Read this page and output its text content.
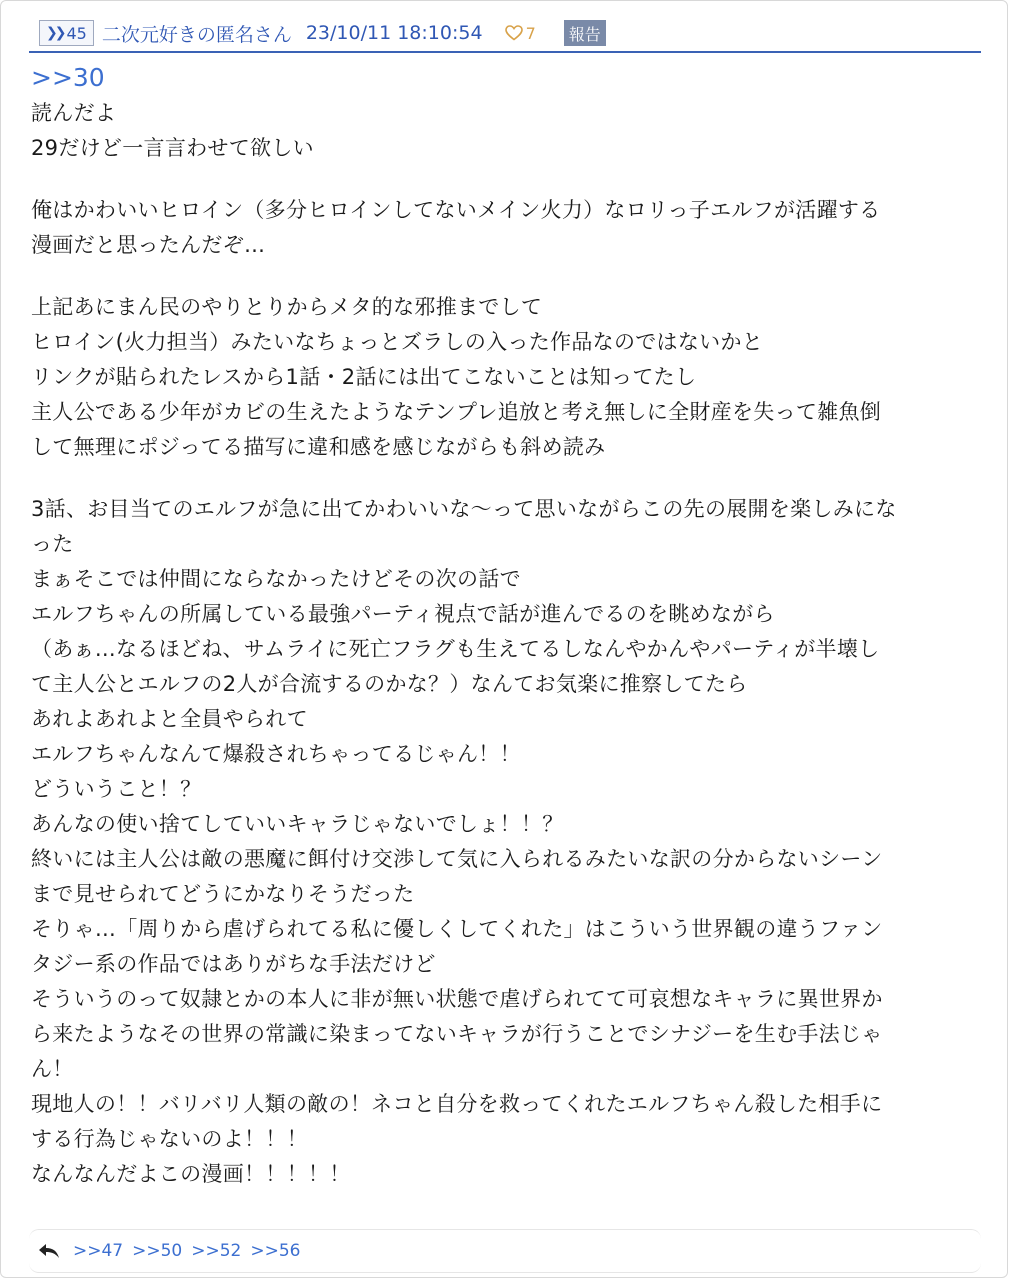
❯❯ 45 二次元好きの匿名さん 23/10/11 18:10:54	7	報告
>>30
読んだよ
29だけど一言言わせて欲しい
俺はかわいいヒロイン（多分ヒロインしてないメイン火力）なロリっ子エルフが活躍する
漫画だと思ったんだぞ…
上記あにまん民のやりとりからメタ的な邪推までして
ヒロイン(火力担当）みたいなちょっとズラしの入った作品なのではないかと
リンクが貼られたレスから1話・2話には出てこないことは知ってたし
主人公である少年がカビの生えたようなテンプレ追放と考え無しに全財産を失って雑魚倒
して無理にポジってる描写に違和感を感じながらも斜め読み
3話、お目当てのエルフが急に出てかわいいな〜って思いながらこの先の展開を楽しみにな
った
まぁそこでは仲間にならなかったけどその次の話で
エルフちゃんの所属している最強パーティ視点で話が進んでるのを眺めながら
（あぁ…なるほどね、サムライに死亡フラグも生えてるしなんやかんやパーティが半壊し
て主人公とエルフの2人が合流するのかな？）なんてお気楽に推察してたら
あれよあれよと全員やられて
エルフちゃんなんて爆殺されちゃってるじゃん！！
どういうこと！？
あんなの使い捨てしていいキャラじゃないでしょ！！？
終いには主人公は敵の悪魔に餌付け交渉して気に入られるみたいな訳の分からないシーン
まで見せられてどうにかなりそうだった
そりゃ…「周りから虐げられてる私に優しくしてくれた」はこういう世界観の違うファン
タジー系の作品ではありがちな手法だけど
そういうのって奴隷とかの本人に非が無い状態で虐げられてて可哀想なキャラに異世界か
ら来たようなその世界の常識に染まってないキャラが行うことでシナジーを生む手法じゃ
ん！
現地人の！！バリバリ人類の敵の！ネコと自分を救ってくれたエルフちゃん殺した相手に
する行為じゃないのよ！！！
なんなんだよこの漫画！！！！！
>>47 >>50 >>52 >>56
